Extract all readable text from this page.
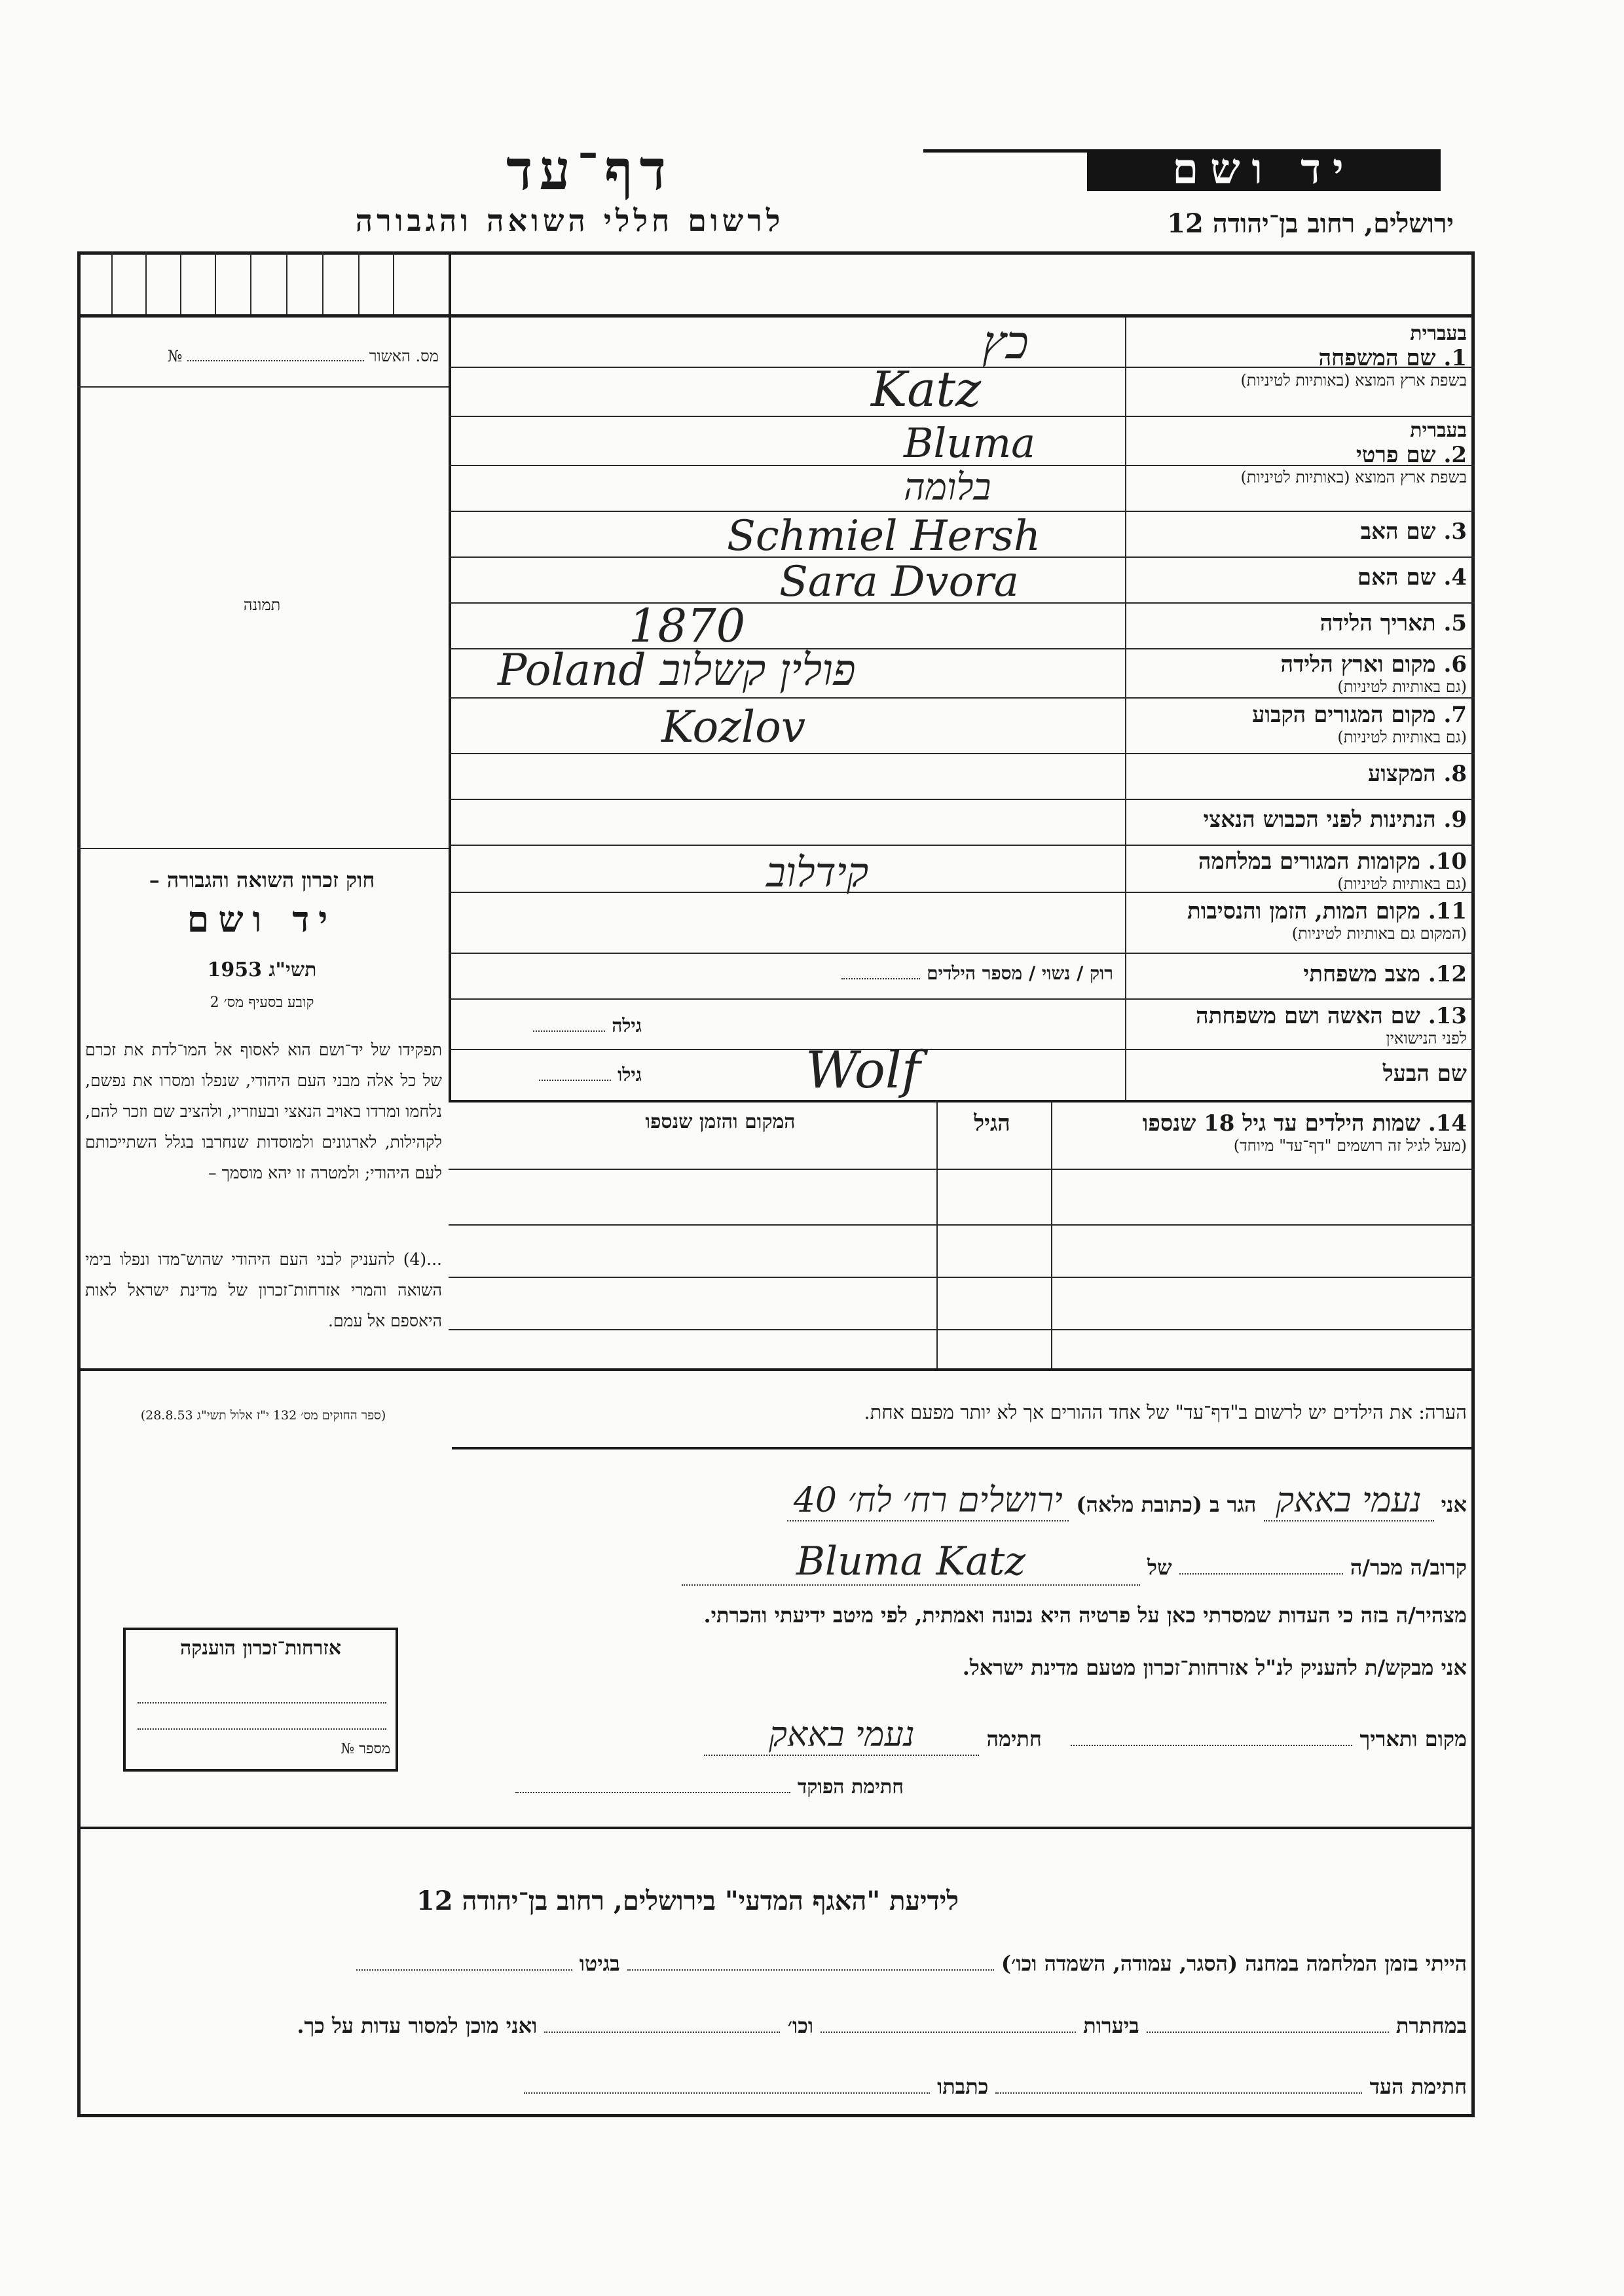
יד ושם
דף־עד
לרשום חללי השואה והגבורה	ירושלים, רחוב בן־יהודה 12
מס. האשור  №
תמונה
חוק זכרון השואה והגבורה –
יד ושם
תשי"ג 1953
קובע בסעיף מס׳ 2
תפקידו של יד־ושם הוא לאסוף אל המו־לדת את זכרם של כל אלה מבני העם היהודי, שנפלו ומסרו את נפשם, נלחמו ומרדו באויב הנאצי ובעוזריו, ולהציב שם וזכר להם, לקהילות, לארגונים ולמוסדות שנחרבו בגלל השתייכותם לעם היהודי; ולמטרה זו יהא מוסמך –
...(4) להעניק לבני העם היהודי שהוש־מדו ונפלו בימי השואה והמרי אזרחות־זכרון של מדינת ישראל לאות היאספם אל עמם.
(ספר החוקים מס׳ 132 י"ז אלול תשי"ג 28.8.53)
בעברית
1. שם המשפחה
בשפת ארץ המוצא (באותיות לטיניות)
כץ
Katz
בעברית
2. שם פרטי
בשפת ארץ המוצא (באותיות לטיניות)
Bluma
בלומה
3. שם האב
Schmiel Hersh
4. שם האם
Sara Dvora
5. תאריך הלידה
1870
6. מקום וארץ הלידה
(גם באותיות לטיניות)
Poland פולין קשלוב
7. מקום המגורים הקבוע
(גם באותיות לטיניות)
Kozlov
8. המקצוע
9. הנתינות לפני הכבוש הנאצי
10. מקומות המגורים במלחמה
(גם באותיות לטיניות)
קידלוב
11. מקום המות, הזמן והנסיבות
(המקום גם באותיות לטיניות)
12. מצב משפחתי
רוק / נשוי / מספר הילדים
13. שם האשה ושם משפחתה
לפני הנישואין
גילה
שם הבעל
Wolf
גילו
14. שמות הילדים עד גיל 18 שנספו
(מעל לגיל זה רושמים "דף־עד" מיוחד)
הגיל
המקום והזמן שנספו
הערה: את הילדים יש לרשום ב"דף־עד" של אחד ההורים אך לא יותר מפעם אחת.
אני נעמי באאק הגר ב (כתובת מלאה) ירושלים רח׳ לח׳ 40
קרוב/ה מכר/ה  של Bluma Katz
מצהיר/ה בזה כי העדות שמסרתי כאן על פרטיה היא נכונה ואמתית, לפי מיטב ידיעתי והכרתי.
אני מבקש/ת להעניק לנ"ל אזרחות־זכרון מטעם מדינת ישראל.
מקום ותאריך     חתימה נעמי באאק
חתימת הפוקד
אזרחות־זכרון הוענקה
מספר №
לידיעת "האגף המדעי" בירושלים, רחוב בן־יהודה 12
הייתי בזמן המלחמה במחנה (הסגר, עמודה, השמדה וכו׳)  בגיטו
במחתרת  ביערות  וכו׳  ואני מוכן למסור עדות על כך.
חתימת העד  כתבתו
